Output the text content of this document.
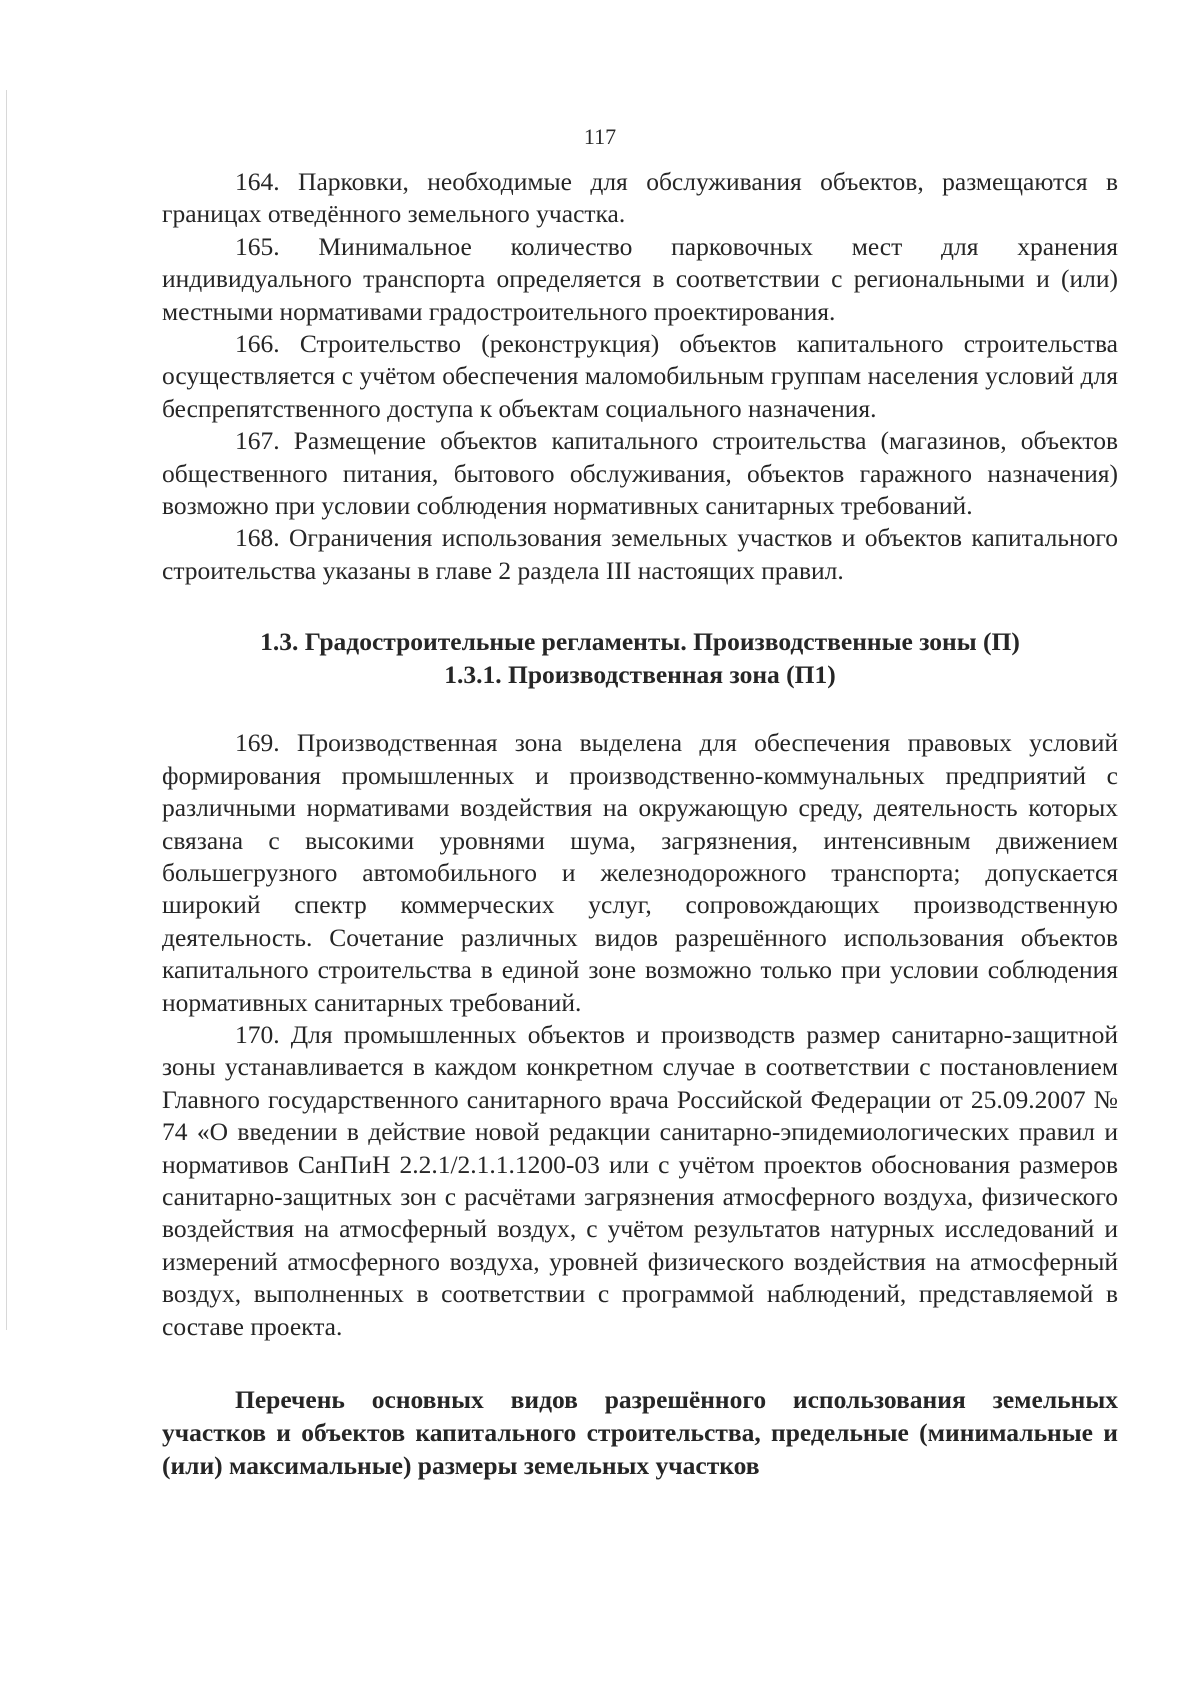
117

164. Парковки, необходимые для обслуживания объектов, размещаются в границах отведённого земельного участка.

165. Минимальное количество парковочных мест для хранения индивидуального транспорта определяется в соответствии с региональными и (или) местными нормативами градостроительного проектирования.

166. Строительство (реконструкция) объектов капитального строительства осуществляется с учётом обеспечения маломобильным группам населения условий для беспрепятственного доступа к объектам социального назначения.

167. Размещение объектов капитального строительства (магазинов, объектов общественного питания, бытового обслуживания, объектов гаражного назначения) возможно при условии соблюдения нормативных санитарных требований.

168. Ограничения использования земельных участков и объектов капитального строительства указаны в главе 2 раздела III настоящих правил.

1.3. Градостроительные регламенты. Производственные зоны (П)
1.3.1. Производственная зона (П1)

169. Производственная зона выделена для обеспечения правовых условий формирования промышленных и производственно-коммунальных предприятий с различными нормативами воздействия на окружающую среду, деятельность которых связана с высокими уровнями шума, загрязнения, интенсивным движением большегрузного автомобильного и железнодорожного транспорта; допускается широкий спектр коммерческих услуг, сопровождающих производственную деятельность. Сочетание различных видов разрешённого использования объектов капитального строительства в единой зоне возможно только при условии соблюдения нормативных санитарных требований.

170. Для промышленных объектов и производств размер санитарно-защитной зоны устанавливается в каждом конкретном случае в соответствии с постановлением Главного государственного санитарного врача Российской Федерации от 25.09.2007 № 74 «О введении в действие новой редакции санитарно-эпидемиологических правил и нормативов СанПиН 2.2.1/2.1.1.1200-03 или с учётом проектов обоснования размеров санитарно-защитных зон с расчётами загрязнения атмосферного воздуха, физического воздействия на атмосферный воздух, с учётом результатов натурных исследований и измерений атмосферного воздуха, уровней физического воздействия на атмосферный воздух, выполненных в соответствии с программой наблюдений, представляемой в составе проекта.

Перечень основных видов разрешённого использования земельных участков и объектов капитального строительства, предельные (минимальные и (или) максимальные) размеры земельных участков
